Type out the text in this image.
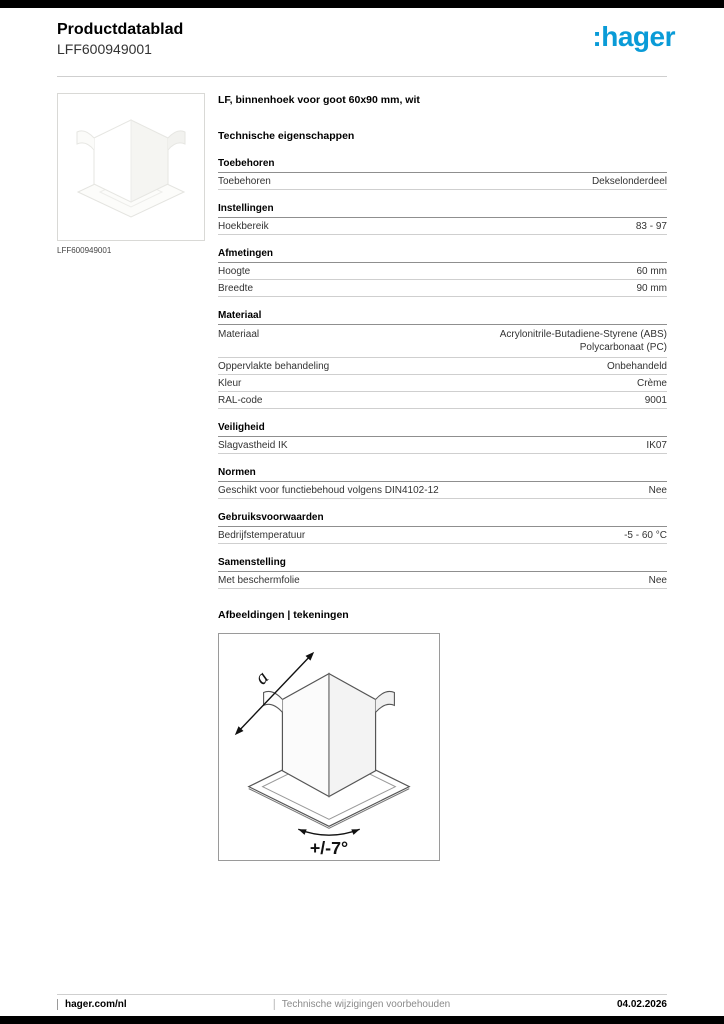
Productdatablad
LFF600949001	:hager
LFF600949001
LF, binnenhoek voor goot 60x90 mm, wit
Technische eigenschappen
Toebehoren
Toebehoren	Dekselonderdeel
Instellingen
Hoekbereik	83 - 97
Afmetingen
Hoogte	60 mm
Breedte	90 mm
Materiaal
Materiaal	Acrylonitrile-Butadiene-Styrene (ABS)
Polycarbonaat (PC)
Oppervlakte behandeling	Onbehandeld
Kleur	Crème
RAL-code	9001
Veiligheid
Slagvastheid IK	IK07
Normen
Geschikt voor functiebehoud volgens DIN4102-12	Nee
Gebruiksvoorwaarden
Bedrijfstemperatuur	-5 - 60 °C
Samenstelling
Met beschermfolie	Nee
Afbeeldingen | tekeningen
a
+/-7°
hager.com/nl	Technische wijzigingen voorbehouden	04.02.2026
